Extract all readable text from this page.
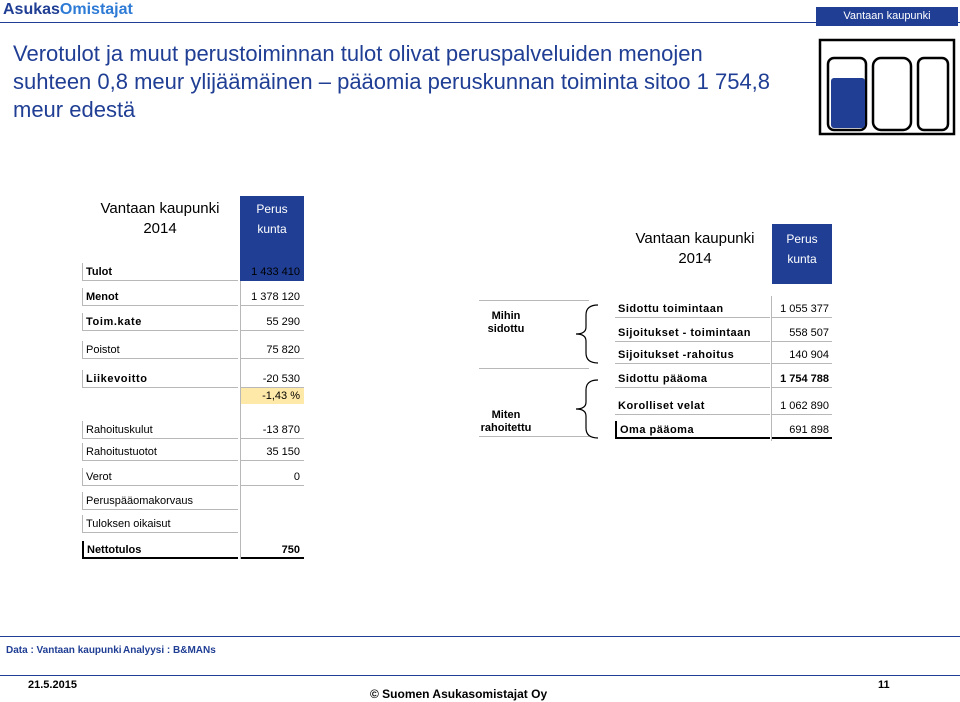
AsukasOmistajat	Vantaan kaupunki
Verotulot ja muut perustoiminnan tulot olivat peruspalveluiden menojen suhteen 0,8 meur ylijäämäinen – pääomia peruskunnan toiminta sitoo 1 754,8 meur edestä
Vantaan kaupunki
2014
Perus
kunta
Tulot	1 433 410
Menot	1 378 120
Toim.kate	55 290
Poistot	75 820
Liikevoitto	-20 530
-1,43 %
Rahoituskulut	-13 870
Rahoitustuotot	35 150
Verot	0
Peruspääomakorvaus
Tuloksen oikaisut
Nettotulos	750
Mihin sidottu
Miten rahoitettu
Vantaan kaupunki
2014
Perus
kunta
Sidottu toimintaan	1 055 377
Sijoitukset - toimintaan	558 507
Sijoitukset -rahoitus	140 904
Sidottu pääoma	1 754 788
Korolliset velat	1 062 890
Oma pääoma	691 898
Data : Vantaan kaupunki Analyysi : B&MANs
21.5.2015
© Suomen Asukasomistajat Oy
11
